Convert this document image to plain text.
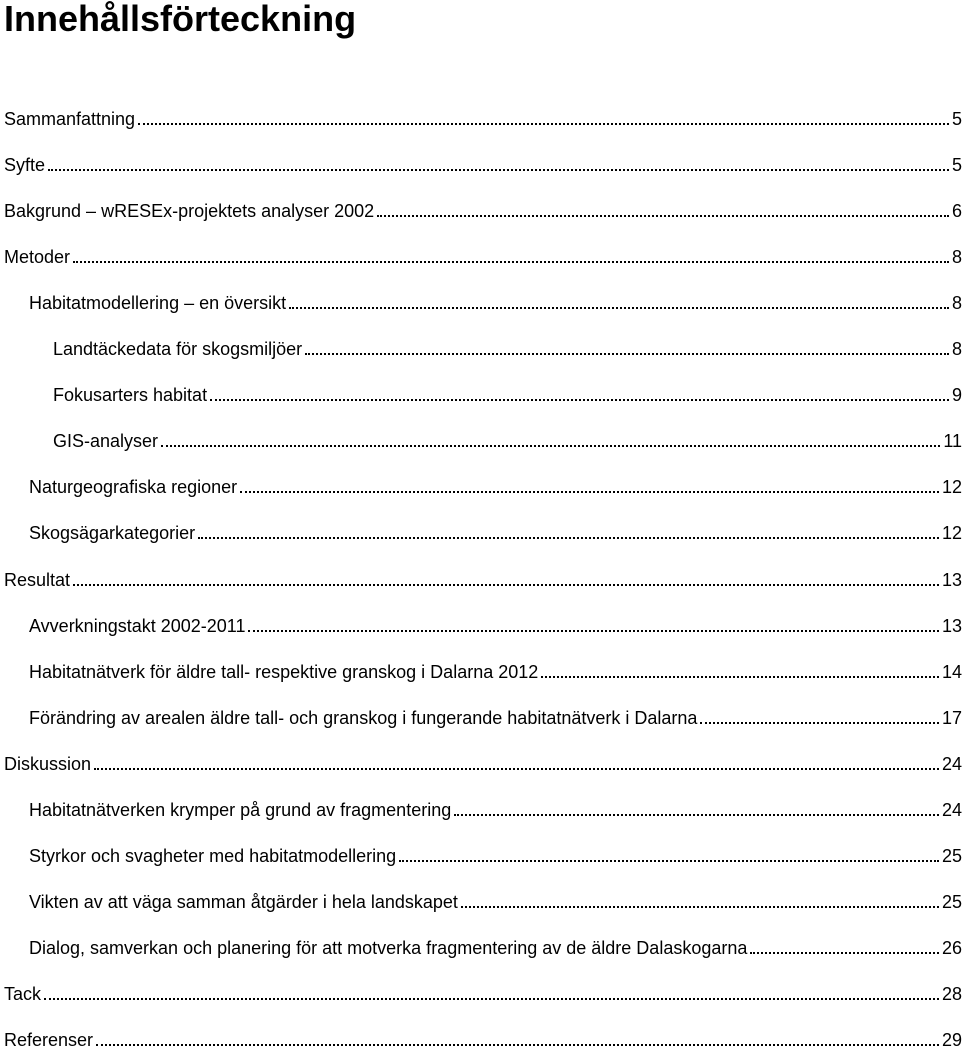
Innehållsförteckning
Sammanfattning	5
Syfte	5
Bakgrund – wRESEx-projektets analyser 2002	6
Metoder	8
Habitatmodellering – en översikt	8
Landtäckedata för skogsmiljöer	8
Fokusarters habitat	9
GIS-analyser	11
Naturgeografiska regioner	12
Skogsägarkategorier	12
Resultat	13
Avverkningstakt 2002-2011	13
Habitatnätverk för äldre tall- respektive granskog i Dalarna 2012	14
Förändring av arealen äldre tall- och granskog i fungerande habitatnätverk i Dalarna	17
Diskussion	24
Habitatnätverken krymper på grund av fragmentering	24
Styrkor och svagheter med habitatmodellering	25
Vikten av att väga samman åtgärder i hela landskapet	25
Dialog, samverkan och planering för att motverka fragmentering av de äldre Dalaskogarna	26
Tack	28
Referenser	29
